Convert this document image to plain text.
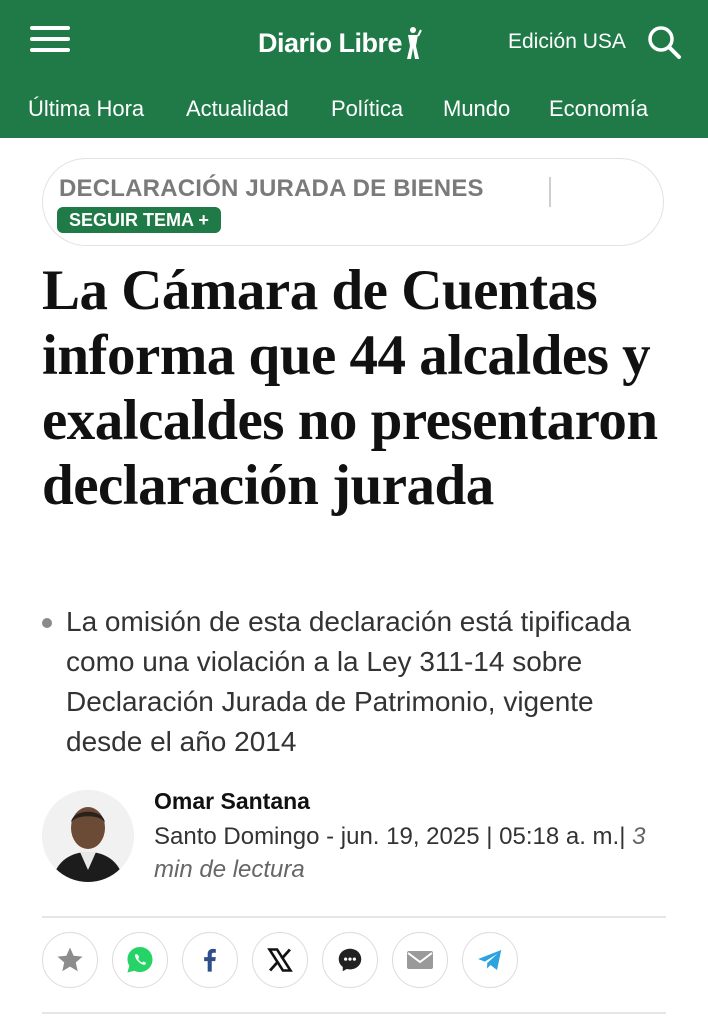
Diario Libre	Edición USA
Última Hora Actualidad Política Mundo Economía
DECLARACIÓN JURADA DE BIENES
SEGUIR TEMA +
La Cámara de Cuentas informa que 44 alcaldes y exalcaldes no presentaron declaración jurada
La omisión de esta declaración está tipificada como una violación a la Ley 311-14 sobre Declaración Jurada de Patrimonio, vigente desde el año 2014
Omar Santana
Santo Domingo - jun. 19, 2025 | 05:18 a. m.| 3 min de lectura
